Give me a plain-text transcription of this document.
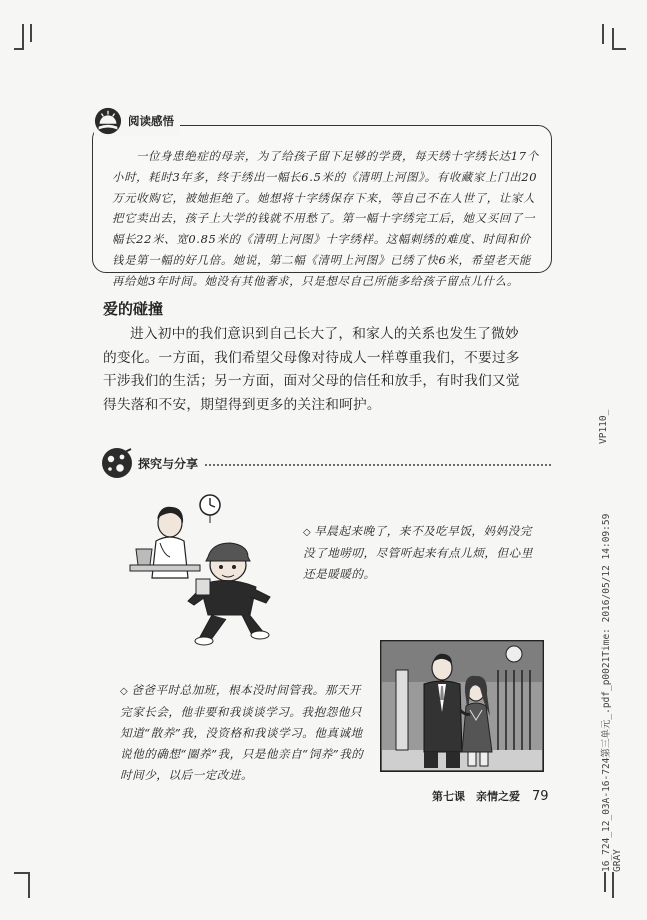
阅读感悟
一位身患绝症的母亲，为了给孩子留下足够的学费，每天绣十字绣长达17个小时，耗时3年多，终于绣出一幅长6.5米的《清明上河图》。有收藏家上门出20万元收购它，被她拒绝了。她想将十字绣保存下来，等自己不在人世了，让家人把它卖出去，孩子上大学的钱就不用愁了。第一幅十字绣完工后，她又买回了一幅长22米、宽0.85米的《清明上河图》十字绣样。这幅刺绣的难度、时间和价钱是第一幅的好几倍。她说，第二幅《清明上河图》已绣了快6米，希望老天能再给她3年时间。她没有其他奢求，只是想尽自己所能多给孩子留点儿什么。
爱的碰撞
进入初中的我们意识到自己长大了，和家人的关系也发生了微妙的变化。一方面，我们希望父母像对待成人一样尊重我们，不要过多干涉我们的生活；另一方面，面对父母的信任和放手，有时我们又觉得失落和不安，期望得到更多的关注和呵护。
探究与分享
◇ 早晨起来晚了，来不及吃早饭，妈妈没完没了地唠叨，尽管听起来有点儿烦，但心里还是暖暖的。
◇ 爸爸平时总加班，根本没时间管我。那天开完家长会，他非要和我谈谈学习。我抱怨他只知道“散养”我，没资格和我谈学习。他真诚地说他的确想“圈养”我，只是他亲自“饲养”我的时间少，以后一定改进。
第七课　亲情之爱 79	16_724_12_03A-16-724第三单元_.pdf_p0021Time: 2016/05/12 14:09:59 GRAY
VP110_
